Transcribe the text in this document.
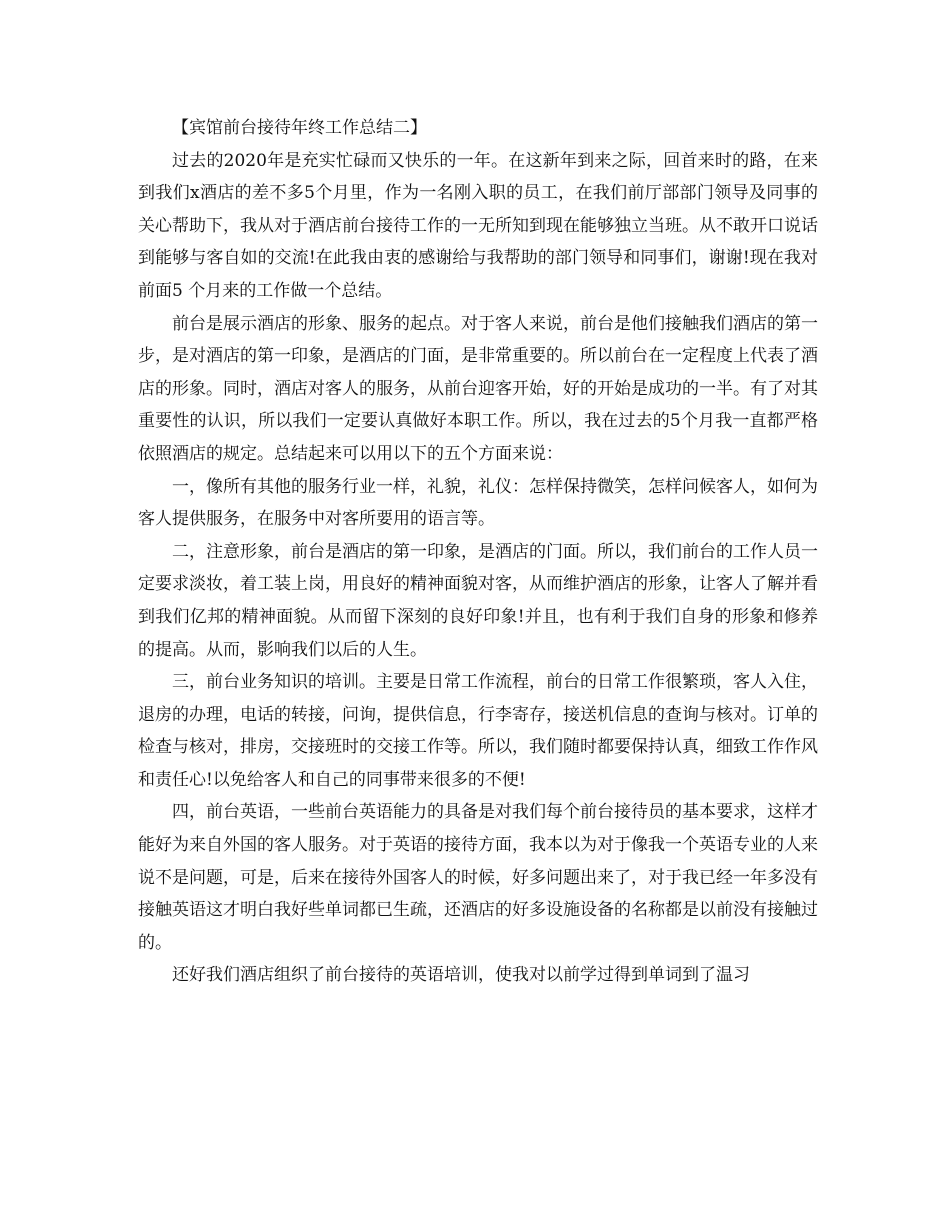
【宾馆前台接待年终工作总结二】

过去的2020年是充实忙碌而又快乐的一年。在这新年到来之际，回首来时的路，在来到我们x酒店的差不多5个月里，作为一名刚入职的员工，在我们前厅部部门领导及同事的关心帮助下，我从对于酒店前台接待工作的一无所知到现在能够独立当班。从不敢开口说话到能够与客自如的交流!在此我由衷的感谢给与我帮助的部门领导和同事们，谢谢!现在我对前面5 个月来的工作做一个总结。

前台是展示酒店的形象、服务的起点。对于客人来说，前台是他们接触我们酒店的第一步，是对酒店的第一印象，是酒店的门面，是非常重要的。所以前台在一定程度上代表了酒店的形象。同时，酒店对客人的服务，从前台迎客开始，好的开始是成功的一半。有了对其重要性的认识，所以我们一定要认真做好本职工作。所以，我在过去的5个月我一直都严格依照酒店的规定。总结起来可以用以下的五个方面来说：

一，像所有其他的服务行业一样，礼貌，礼仪：怎样保持微笑，怎样问候客人，如何为客人提供服务，在服务中对客所要用的语言等。

二，注意形象，前台是酒店的第一印象，是酒店的门面。所以，我们前台的工作人员一定要求淡妆，着工装上岗，用良好的精神面貌对客，从而维护酒店的形象，让客人了解并看到我们亿邦的精神面貌。从而留下深刻的良好印象!并且，也有利于我们自身的形象和修养的提高。从而，影响我们以后的人生。

三，前台业务知识的培训。主要是日常工作流程，前台的日常工作很繁琐，客人入住，退房的办理，电话的转接，问询，提供信息，行李寄存，接送机信息的查询与核对。订单的检查与核对，排房，交接班时的交接工作等。所以，我们随时都要保持认真，细致工作作风和责任心!以免给客人和自己的同事带来很多的不便!

四，前台英语，一些前台英语能力的具备是对我们每个前台接待员的基本要求，这样才能好为来自外国的客人服务。对于英语的接待方面，我本以为对于像我一个英语专业的人来说不是问题，可是，后来在接待外国客人的时候，好多问题出来了，对于我已经一年多没有接触英语这才明白我好些单词都已生疏，还酒店的好多设施设备的名称都是以前没有接触过的。

还好我们酒店组织了前台接待的英语培训，使我对以前学过得到单词到了温习
